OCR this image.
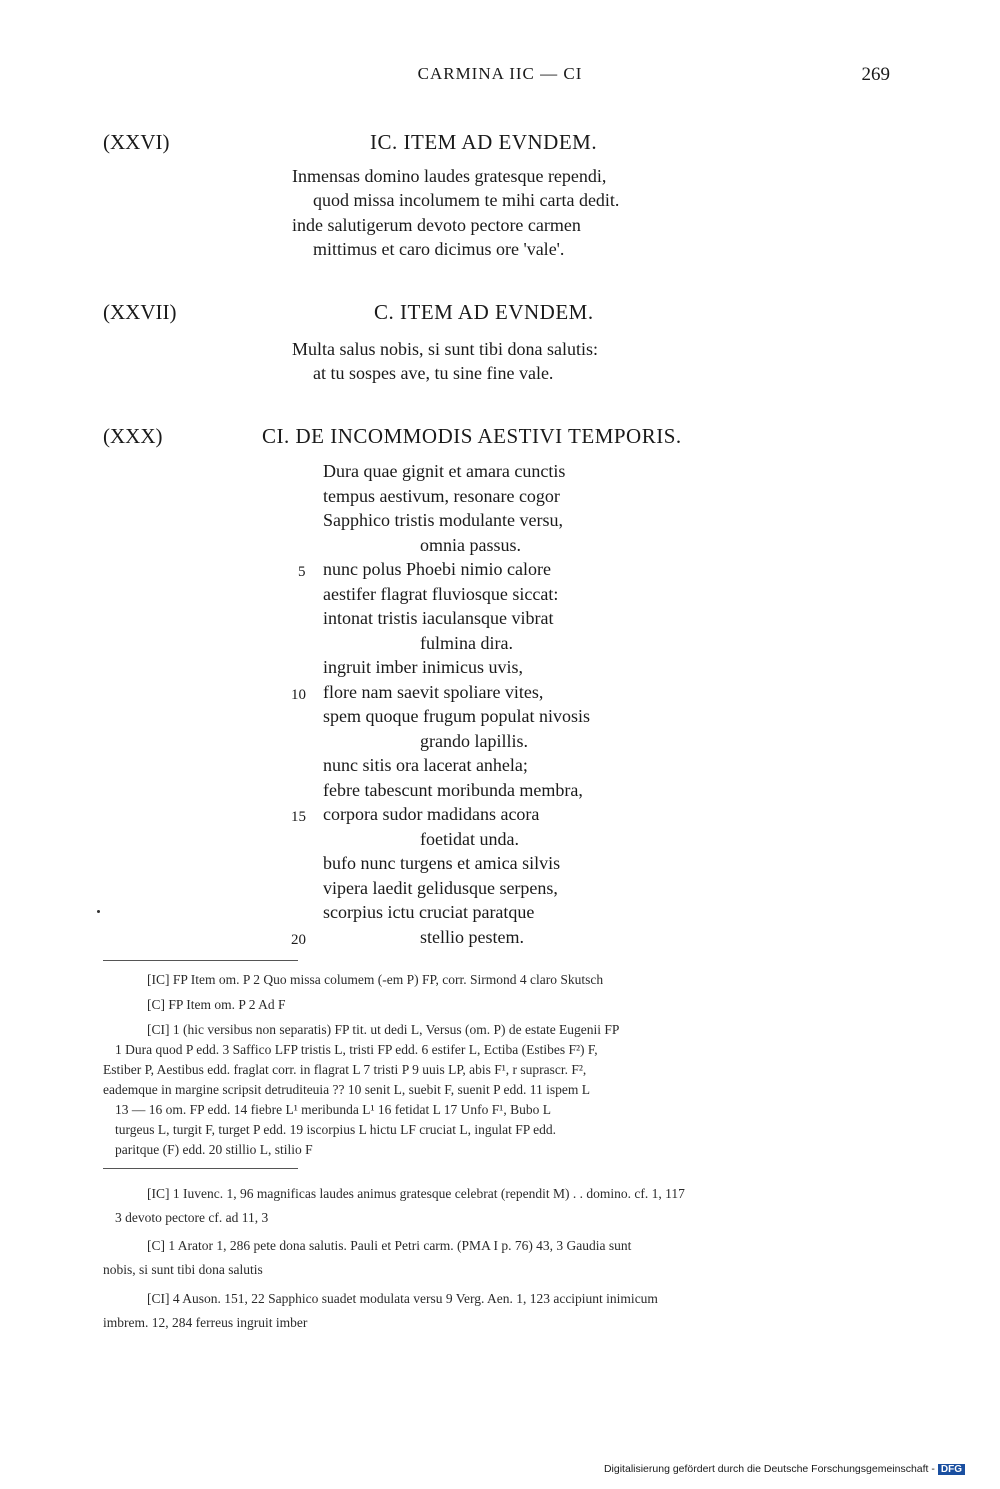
CARMINA IIC — CI	269
(XXVI)	IC. ITEM AD EVNDEM.
Inmensas domino laudes gratesque rependi,
quod missa incolumem te mihi carta dedit.
inde salutigerum devoto pectore carmen
mittimus et caro dicimus ore 'vale'.
(XXVII)	C. ITEM AD EVNDEM.
Multa salus nobis, si sunt tibi dona salutis:
at tu sospes ave, tu sine fine vale.
(XXX)	CI. DE INCOMMODIS AESTIVI TEMPORIS.
Dura quae gignit et amara cunctis
tempus aestivum, resonare cogor
Sapphico tristis modulante versu,
omnia passus.
nunc polus Phoebi nimio calore
aestifer flagrat fluviosque siccat:
intonat tristis iaculansque vibrat
fulmina dira.
ingruit imber inimicus uvis,
flore nam saevit spoliare vites,
spem quoque frugum populat nivosis
grando lapillis.
nunc sitis ora lacerat anhela;
febre tabescunt moribunda membra,
corpora sudor madidans acora
foetidat unda.
bufo nunc turgens et amica silvis
vipera laedit gelidusque serpens,
scorpius ictu cruciat paratque
stellio pestem.
5
10
15
20
[IC] FP Item om. P 2 Quo missa columem (-em P) FP, corr. Sirmond 4 claro Skutsch
[C] FP Item om. P 2 Ad F
[CI] 1 (hic versibus non separatis) FP tit. ut dedi L, Versus (om. P) de estate Eugenii FP
1 Dura quod P edd. 3 Saffico LFP tristis L, tristi FP edd. 6 estifer L, Ectiba (Estibes F²) F,
Estiber P, Aestibus edd. fraglat corr. in flagrat L 7 tristi P 9 uuis LP, abis F¹, r suprascr. F²,
eademque in margine scripsit detruditeuia ?? 10 senit L, suebit F, suenit P edd. 11 ispem L
13 — 16 om. FP edd. 14 fiebre L¹ meribunda L¹ 16 fetidat L 17 Unfo F¹, Bubo L
turgeus L, turgit F, turget P edd. 19 iscorpius L hictu LF cruciat L, ingulat FP edd.
paritque (F) edd. 20 stillio L, stilio F
[IC] 1 Iuvenc. 1, 96 magnificas laudes animus gratesque celebrat (rependit M) . . domino. cf. 1, 117
3 devoto pectore cf. ad 11, 3
[C] 1 Arator 1, 286 pete dona salutis. Pauli et Petri carm. (PMA I p. 76) 43, 3 Gaudia sunt
nobis, si sunt tibi dona salutis
[CI] 4 Auson. 151, 22 Sapphico suadet modulata versu 9 Verg. Aen. 1, 123 accipiunt inimicum
imbrem. 12, 284 ferreus ingruit imber
Digitalisierung gefördert durch die Deutsche Forschungsgemeinschaft - DFG
